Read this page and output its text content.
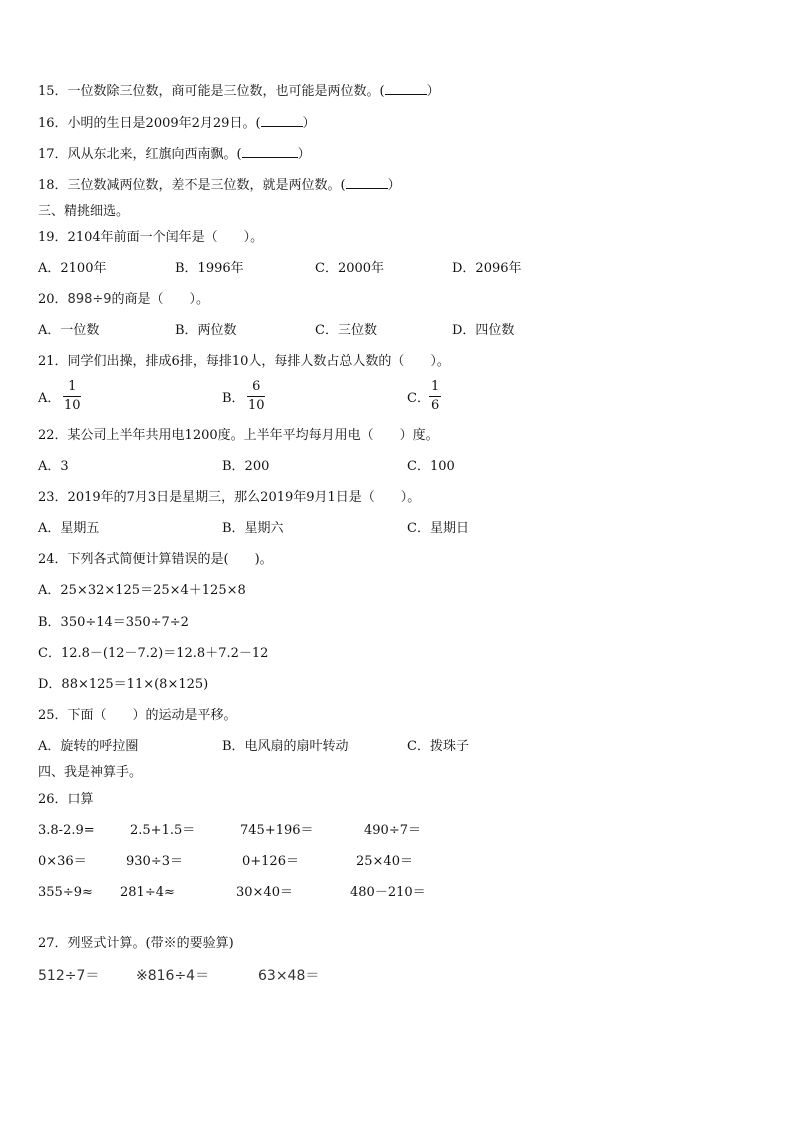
15．一位数除三位数，商可能是三位数，也可能是两位数。(	）
16．小明的生日是2009年2月29日。(	）
17．风从东北来，红旗向西南飘。(	）
18．三位数减两位数，差不是三位数，就是两位数。(	）
三、精挑细选。
19．2104年前面一个闰年是（　　）。
A．2100年	B．1996年	C．2000年	D．2096年
20．898÷9的商是（　　）。
A．一位数	B．两位数	C．三位数	D．四位数
21．同学们出操，排成6排，每排10人，每排人数占总人数的（　　）。
A．
1
10	B．
6
10	C．
1
6
22．某公司上半年共用电1200度。上半年平均每月用电（　　）度。
A．3	B．200	C．100
23．2019年的7月3日是星期三，那么2019年9月1日是（　　）。
A．星期五	B．星期六	C．星期日
24．下列各式简便计算错误的是(　　)。
A．25×32×125＝25×4＋125×8
B．350÷14＝350÷7÷2
C．12.8－(12－7.2)＝12.8＋7.2－12
D．88×125＝11×(8×125)
25．下面（　　）的运动是平移。
A．旋转的呼拉圈	B．电风扇的扇叶转动	C．拨珠子
四、我是神算手。
26．口算
3.8-2.9=	2.5+1.5＝	745+196＝	490÷7＝
0×36＝	930÷3＝	0+126＝	25×40＝
355÷9≈ 281÷4≈	30×40＝	480－210＝
27．列竖式计算。(带※的要验算)
512÷7＝	※816÷4＝	63×48＝
